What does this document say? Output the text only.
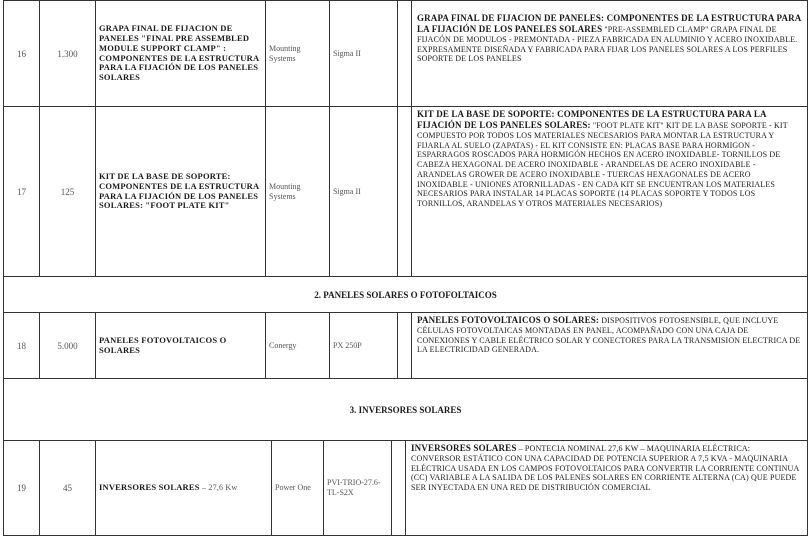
16	1.300	GRAPA FINAL DE FIJACION DE PANELES "FINAL PRE ASSEMBLED MODULE SUPPORT CLAMP" : COMPONENTES DE LA ESTRUCTURA PARA LA FIJACIÓN DE LOS PANELES SOLARES	Mounting Systems	Sigma II		GRAPA FINAL DE FIJACION DE PANELES: COMPONENTES DE LA ESTRUCTURA PARA LA FIJACIÓN DE LOS PANELES SOLARES "PRE-ASSEMBLED CLAMP" GRAPA FINAL DE FIJACÓN DE MODULOS - PREMONTADA - PIEZA FABRICADA EN ALUMINIO Y ACERO INOXIDABLE. EXPRESAMENTE DISEÑADA Y FABRICADA PARA FIJAR LOS PANELES SOLARES A LOS PERFILES SOPORTE DE LOS PANELES
17	125	KIT DE LA BASE DE SOPORTE: COMPONENTES DE LA ESTRUCTURA PARA LA FIJACIÓN DE LOS PANELES SOLARES: "FOOT PLATE KIT"	Mounting Systems	Sigma II		KIT DE LA BASE DE SOPORTE: COMPONENTES DE LA ESTRUCTURA PARA LA FIJACIÓN DE LOS PANELES SOLARES: "FOOT PLATE KIT" KIT DE LA BASE SOPORTE - KIT COMPUESTO POR TODOS LOS MATERIALES NECESARIOS PARA MONTAR LA ESTRUCTURA Y FIJARLA AL SUELO (ZAPATAS) - EL KIT CONSISTE EN: PLACAS BASE PARA HORMIGON - ESPARRAGOS ROSCADOS PARA HORMIGÓN HECHOS EN ACERO INOXIDABLE- TORNILLOS DE CABEZA HEXAGONAL DE ACERO INOXIDABLE - ARANDELAS DE ACERO INOXIDABLE - ARANDELAS GROWER DE ACERO INOXIDABLE - TUERCAS HEXAGONALES DE ACERO INOXIDABLE - UNIONES ATORNILLADAS - EN CADA KIT SE ENCUENTRAN LOS MATERIALES NECESARIOS PARA INSTALAR 14 PLACAS SOPORTE (14 PLACAS SOPORTE Y TODOS LOS TORNILLOS, ARANDELAS Y OTROS MATERIALES NECESARIOS)
2. PANELES SOLARES O FOTOFOLTAICOS						
18	5.000	PANELES FOTOVOLTAICOS O SOLARES	Conergy	PX 250P		PANELES FOTOVOLTAICOS O SOLARES: DISPOSITIVOS FOTOSENSIBLE, QUE INCLUYE CÉLULAS FOTOVOLTAICAS MONTADAS EN PANEL, ACOMPAÑADO CON UNA CAJA DE CONEXIONES Y CABLE ELÉCTRICO SOLAR Y CONECTORES PARA LA TRANSMISION ELECTRICA DE LA ELECTRICIDAD GENERADA.
3. INVERSORES SOLARES						
19	45	INVERSORES SOLARES – 27,6 Kw	Power One	PVI-TRIO-27.6-TL-S2X		INVERSORES SOLARES – PONTECIA NOMINAL 27,6 KW – MAQUINARIA ELÉCTRICA: CONVERSOR ESTÁTICO CON UNA CAPACIDAD DE POTENCIA SUPERIOR A 7,5 KVA - MAQUINARIA ELÉCTRICA USADA EN LOS CAMPOS FOTOVOLTAICOS PARA CONVERTIR LA CORRIENTE CONTINUA (CC) VARIABLE A LA SALIDA DE LOS PALENES SOLARES EN CORRIENTE ALTERNA (CA) QUE PUEDE SER INYECTADA EN UNA RED DE DISTRIBUCIÓN COMERCIAL
